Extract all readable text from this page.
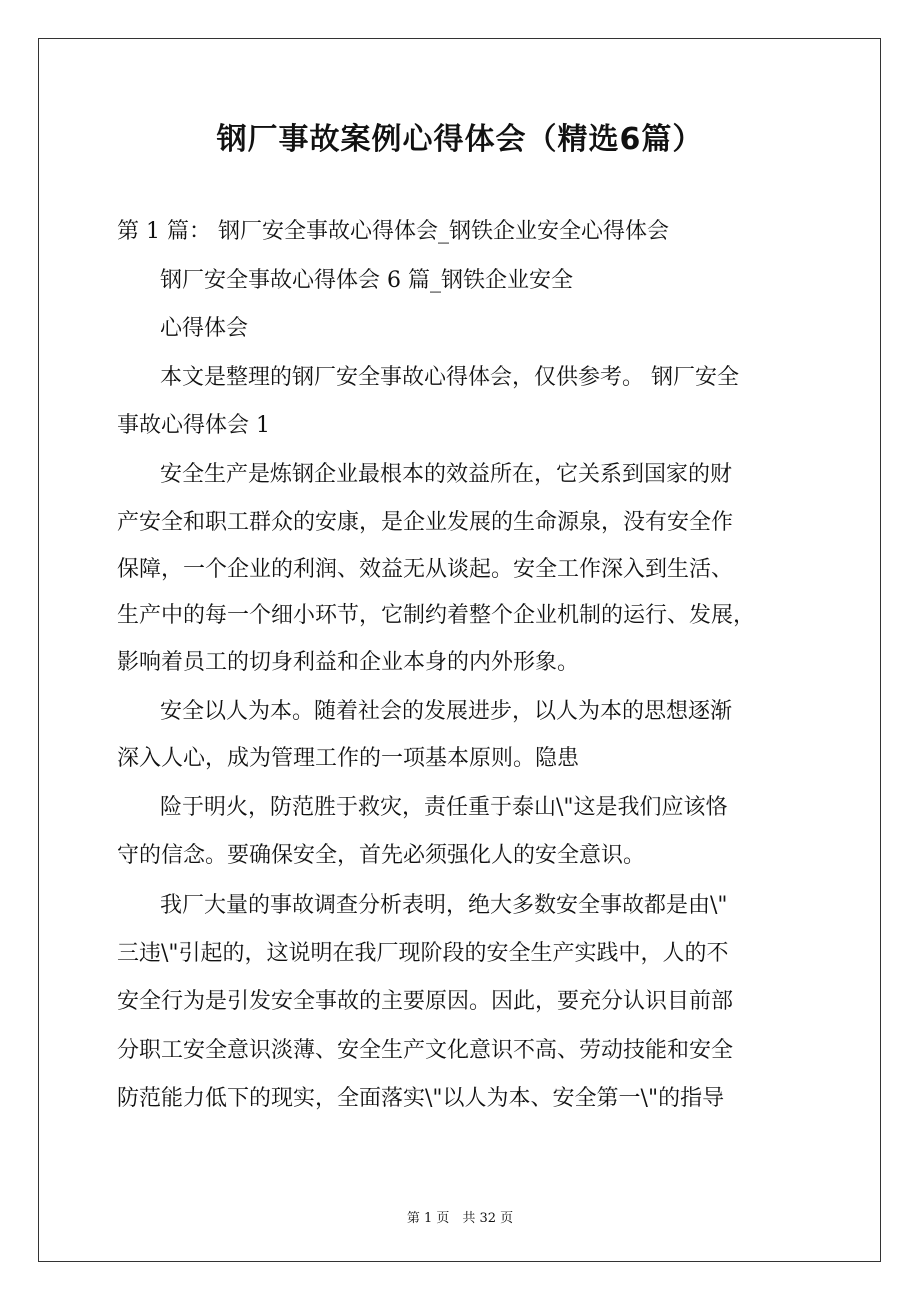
钢厂事故案例心得体会（精选6篇）
第 1 篇： 钢厂安全事故心得体会_钢铁企业安全心得体会
钢厂安全事故心得体会 6 篇_钢铁企业安全
心得体会
本文是整理的钢厂安全事故心得体会，仅供参考。 钢厂安全
事故心得体会 1
安全生产是炼钢企业最根本的效益所在，它关系到国家的财
产安全和职工群众的安康，是企业发展的生命源泉，没有安全作
保障，一个企业的利润、效益无从谈起。安全工作深入到生活、
生产中的每一个细小环节，它制约着整个企业机制的运行、发展，
影响着员工的切身利益和企业本身的内外形象。
安全以人为本。随着社会的发展进步，以人为本的思想逐渐
深入人心，成为管理工作的一项基本原则。隐患
险于明火，防范胜于救灾，责任重于泰山\"这是我们应该恪
守的信念。要确保安全，首先必须强化人的安全意识。
我厂大量的事故调查分析表明，绝大多数安全事故都是由\"
三违\"引起的，这说明在我厂现阶段的安全生产实践中，人的不
安全行为是引发安全事故的主要原因。因此，要充分认识目前部
分职工安全意识淡薄、安全生产文化意识不高、劳动技能和安全
防范能力低下的现实，全面落实\"以人为本、安全第一\"的指导
第 1 页　共 32 页
